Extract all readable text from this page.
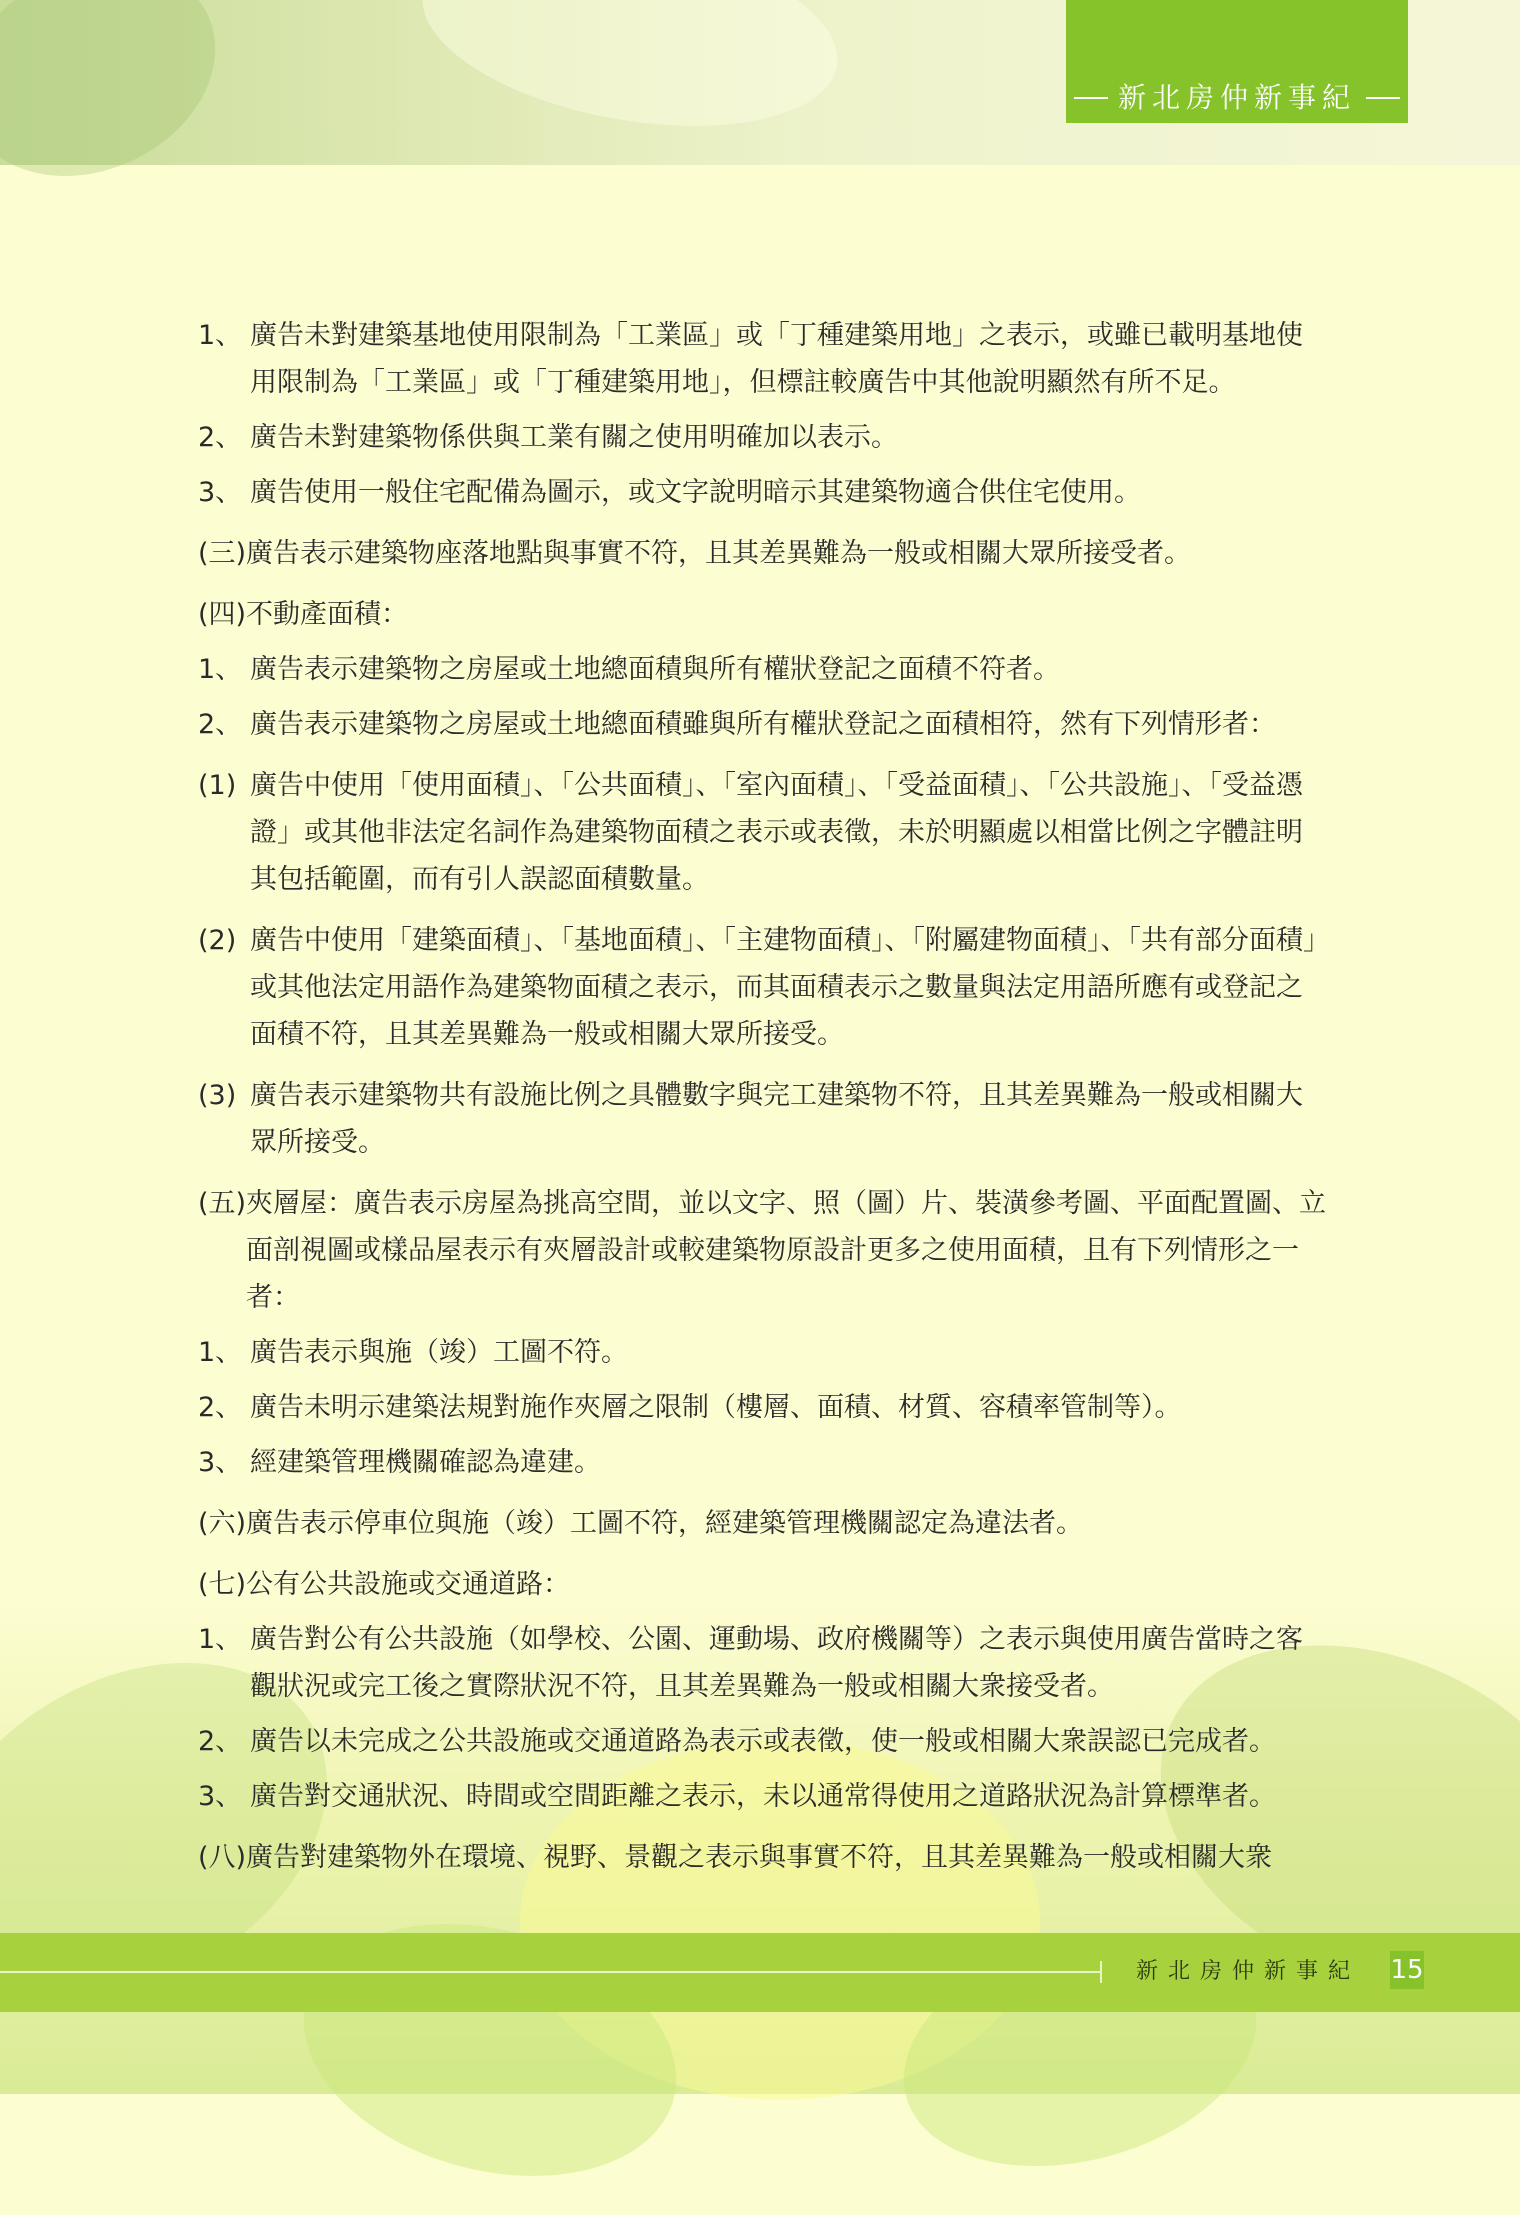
新北房仲新事紀
1、 廣告未對建築基地使用限制為「工業區」或「丁種建築用地」之表示，或雖已載明基地使用限制為「工業區」或「丁種建築用地」，但標註較廣告中其他說明顯然有所不足。
2、 廣告未對建築物係供與工業有關之使用明確加以表示。
3、 廣告使用一般住宅配備為圖示，或文字說明暗示其建築物適合供住宅使用。
(三) 廣告表示建築物座落地點與事實不符，且其差異難為一般或相關大眾所接受者。
(四) 不動產面積：
1、 廣告表示建築物之房屋或土地總面積與所有權狀登記之面積不符者。
2、 廣告表示建築物之房屋或土地總面積雖與所有權狀登記之面積相符，然有下列情形者：
(1) 廣告中使用「使用面積」、「公共面積」、「室內面積」、「受益面積」、「公共設施」、「受益憑證」或其他非法定名詞作為建築物面積之表示或表徵，未於明顯處以相當比例之字體註明其包括範圍，而有引人誤認面積數量。
(2) 廣告中使用「建築面積」、「基地面積」、「主建物面積」、「附屬建物面積」、「共有部分面積」或其他法定用語作為建築物面積之表示，而其面積表示之數量與法定用語所應有或登記之面積不符，且其差異難為一般或相關大眾所接受。
(3) 廣告表示建築物共有設施比例之具體數字與完工建築物不符，且其差異難為一般或相關大眾所接受。
(五) 夾層屋：廣告表示房屋為挑高空間，並以文字、照（圖）片、裝潢參考圖、平面配置圖、立面剖視圖或樣品屋表示有夾層設計或較建築物原設計更多之使用面積，且有下列情形之一者：
1、 廣告表示與施（竣）工圖不符。
2、 廣告未明示建築法規對施作夾層之限制（樓層、面積、材質、容積率管制等）。
3、 經建築管理機關確認為違建。
(六) 廣告表示停車位與施（竣）工圖不符，經建築管理機關認定為違法者。
(七) 公有公共設施或交通道路：
1、 廣告對公有公共設施（如學校、公園、運動場、政府機關等）之表示與使用廣告當時之客觀狀況或完工後之實際狀況不符，且其差異難為一般或相關大衆接受者。
2、 廣告以未完成之公共設施或交通道路為表示或表徵，使一般或相關大衆誤認已完成者。
3、 廣告對交通狀況、時間或空間距離之表示，未以通常得使用之道路狀況為計算標準者。
(八) 廣告對建築物外在環境、視野、景觀之表示與事實不符，且其差異難為一般或相關大衆
新北房仲新事紀 15
